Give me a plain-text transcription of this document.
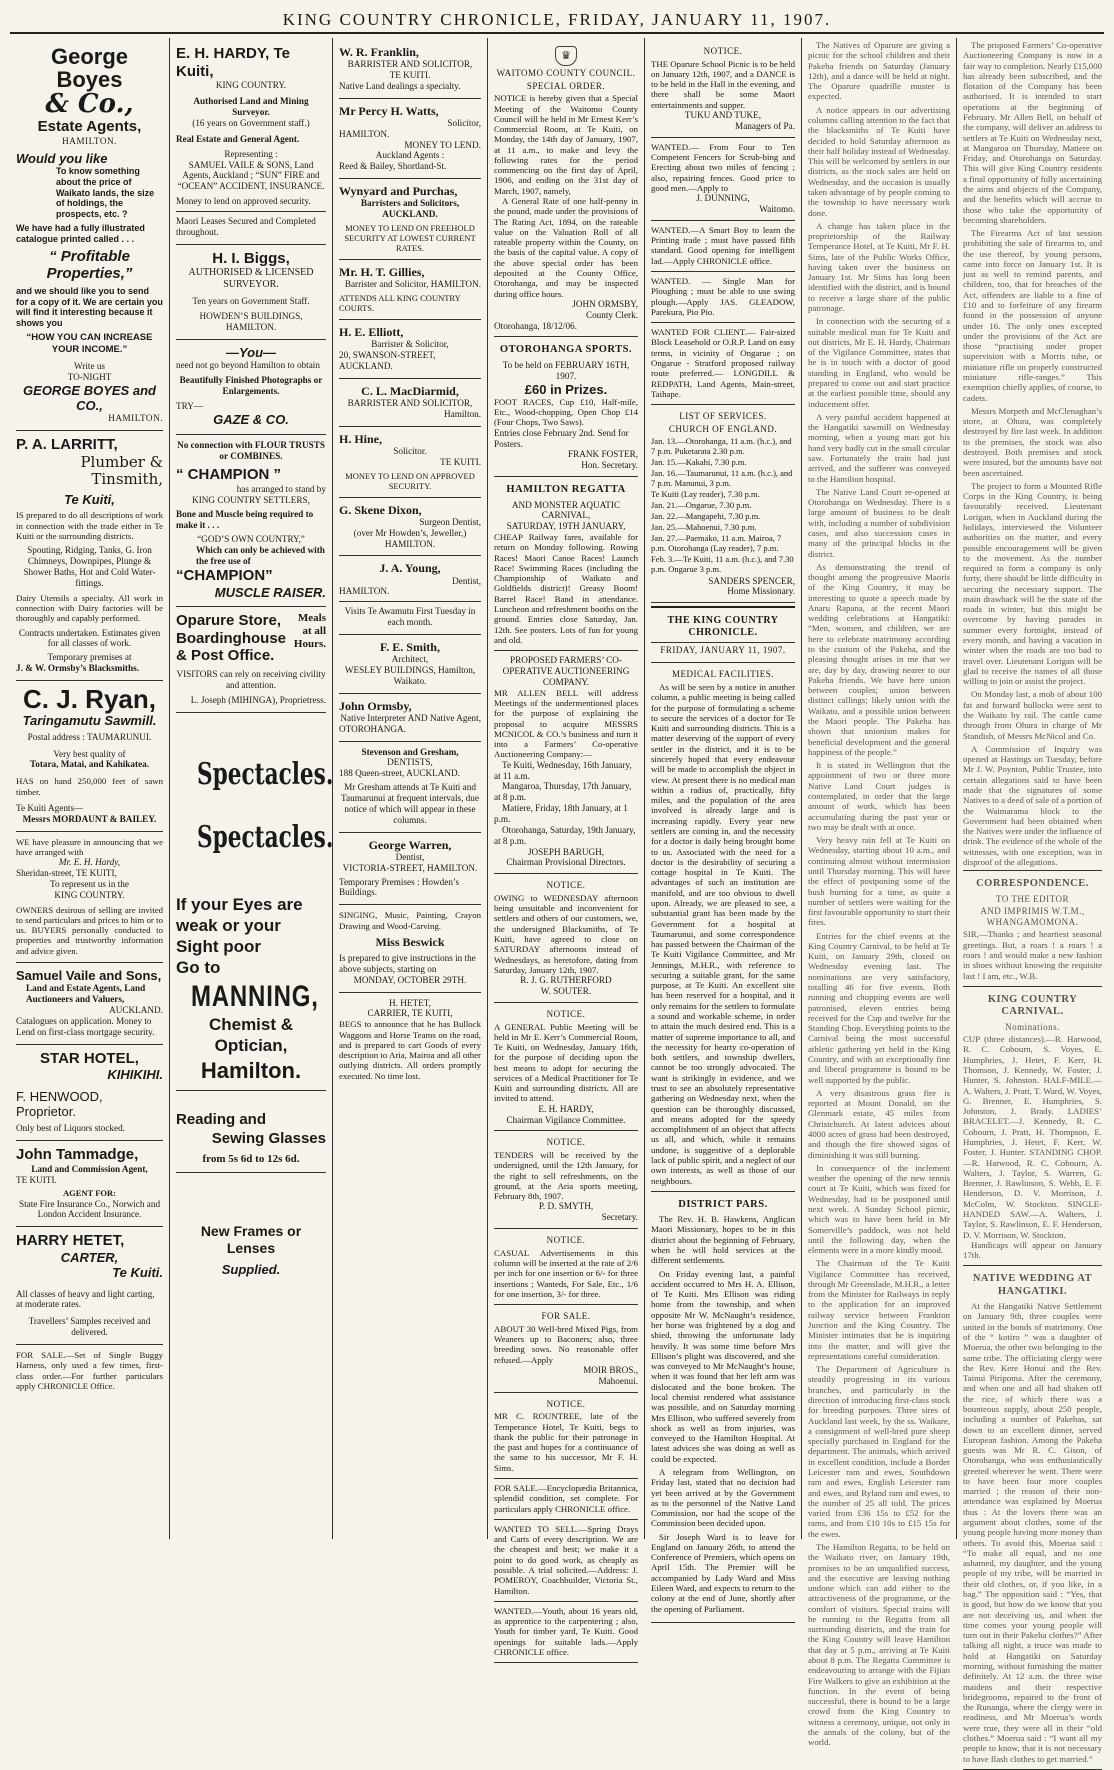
KING COUNTRY CHRONICLE, FRIDAY, JANUARY 11, 1907.
George Boyes
& Co.,
Estate Agents,
HAMILTON.
Would you like
To know something about the price of Waikato lands, the size of holdings, the prospects, etc. ?
We have had a fully illustrated catalogue printed called . . .
“ Profitable Properties,”
and we should like you to send for a copy of it. We are certain you will find it interesting because it shows you
“HOW YOU CAN INCREASE YOUR INCOME.”
Write us
TO-NIGHT
GEORGE BOYES and CO.,
HAMILTON.
P. A. LARRITT,
Plumber & Tinsmith,
Te Kuiti,
IS prepared to do all descriptions of work in connection with the trade either in Te Kuiti or the surrounding districts.
Spouting, Ridging, Tanks, G. Iron Chimneys, Downpipes, Plunge & Shower Baths, Hot and Cold Water-fittings.
Dairy Utensils a specialty. All work in connection with Dairy factories will be thoroughly and capably performed.
Contracts undertaken. Estimates given for all classes of work.
Temporary premises at
J. & W. Ormsby’s Blacksmiths.
C. J. Ryan,
Taringamutu Sawmill.
Postal address : TAUMARUNUI.
Very best quality of
Totara, Matai, and Kahikatea.
HAS on hand 250,000 feet of sawn timber.
Te Kuiti Agents—
Messrs MORDAUNT & BAILEY.
WE have pleasure in announcing that we have arranged with
Mr. E. H. Hardy,
Sheridan-street, TE KUITI,
To represent us in the
KING COUNTRY.
OWNERS desirous of selling are invited to send particulars and prices to him or to us. BUYERS personally conducted to properties and trustworthy information and advice given.
Samuel Vaile and Sons,
Land and Estate Agents, Land Auctioneers and Valuers,
AUCKLAND.
Catalogues on application. Money to Lend on first-class mortgage security.
STAR HOTEL,
KIHIKIHI.
F. HENWOOD, Proprietor.
Only best of Liquors stocked.
John Tammadge,
Land and Commission Agent,
TE KUITI.
AGENT FOR:
State Fire Insurance Co., Norwich and London Accident Insurance.
HARRY HETET,
CARTER,
Te Kuiti.
All classes of heavy and light carting, at moderate rates.
Travellers’ Samples received and delivered.
FOR SALE.—Set of Single Buggy Harness, only used a few times, first-class order.—For further particulars apply CHRONICLE Office.
E. H. HARDY, Te Kuiti,
KING COUNTRY.
Authorised Land and Mining Surveyor.
(16 years on Government staff.)
Real Estate and General Agent.
Representing :
SAMUEL VAILE & SONS, Land Agents, Auckland ; “SUN” FIRE and “OCEAN” ACCIDENT, INSURANCE.
Money to lend on approved security.
Maori Leases Secured and Completed throughout.
H. I. Biggs,
AUTHORISED & LICENSED SURVEYOR.
Ten years on Government Staff.
HOWDEN’S BUILDINGS, HAMILTON.
—You—
need not go beyond Hamilton to obtain
Beautifully Finished Photographs or Enlargements.
TRY—
GAZE & CO.
No connection with FLOUR TRUSTS or COMBINES.
“ CHAMPION ”
has arranged to stand by
KING COUNTRY SETTLERS,
Bone and Muscle being required to make it . . .
“GOD’S OWN COUNTRY,”
Which can only be achieved with the free use of
“CHAMPION”
MUSCLE RAISER.
Oparure Store, Boardinghouse & Post Office.
Meals at all Hours.
VISITORS can rely on receiving civility and attention.
L. Joseph (MIHINGA), Proprietress.
Spectacles.
Spectacles.
If your Eyes are weak or your Sight poor
Go to
MANNING,
Chemist & Optician,
Hamilton.
Reading and
Sewing Glasses
from 5s 6d to 12s 6d.
New Frames or Lenses
Supplied.
W. R. Franklin,
BARRISTER AND SOLICITOR,
TE KUITI.
Native Land dealings a specialty.
Mr Percy H. Watts,
Solicitor,
HAMILTON.
MONEY TO LEND.
Auckland Agents :
Reed & Bailey, Shortland-St.
Wynyard and Purchas,
Barristers and Solicitors, AUCKLAND.
MONEY TO LEND ON FREEHOLD SECURITY AT LOWEST CURRENT RATES.
Mr. H. T. Gillies,
Barrister and Solicitor, HAMILTON.
ATTENDS ALL KING COUNTRY COURTS.
H. E. Elliott,
Barrister & Solicitor,
20, SWANSON-STREET, AUCKLAND.
C. L. MacDiarmid,
BARRISTER AND SOLICITOR,
Hamilton.
H. Hine,
Solicitor.
TE KUITI.
MONEY TO LEND ON APPROVED SECURITY.
G. Skene Dixon,
Surgeon Dentist,
(over Mr Howden’s, Jeweller,)
HAMILTON.
J. A. Young,
Dentist,
HAMILTON.
Visits Te Awamutu First Tuesday in each month.
F. E. Smith,
Architect,
WESLEY BUILDINGS, Hamilton, Waikato.
John Ormsby,
Native Interpreter AND Native Agent,
OTOROHANGA.
Stevenson and Gresham,
DENTISTS,
188 Queen-street, AUCKLAND.
Mr Gresham attends at Te Kuiti and Taumarunui at frequent intervals, due notice of which will appear in these columns.
George Warren,
Dentist,
VICTORIA-STREET, HAMILTON.
Temporary Premises : Howden’s Buildings.
SINGING, Music, Painting, Crayon Drawing and Wood-Carving.
Miss Beswick
Is prepared to give instructions in the above subjects, starting on
MONDAY, OCTOBER 29TH.
H. HETET,
CARRIER, TE KUITI,
BEGS to announce that he has Bullock Waggons and Horse Teams on the road, and is prepared to cart Goods of every description to Aria, Mairoa and all other outlying districts. All orders promptly executed. No time lost.
♛
WAITOMO COUNTY COUNCIL.
SPECIAL ORDER.
NOTICE is hereby given that a Special Meeting of the Waitomo County Council will be held in Mr Ernest Kerr’s Commercial Room, at Te Kuiti, on Monday, the 14th day of January, 1907, at 11 a.m., to make and levy the following rates for the period commencing on the first day of April, 1906, and ending on the 31st day of March, 1907, namely,
A General Rate of one half-penny in the pound, made under the provisions of The Rating Act, 1894, on the rateable value on the Valuation Roll of all rateable property within the County, on the basis of the capital value. A copy of the above special order has been deposited at the County Office, Otorohanga, and may be inspected during office hours.
JOHN ORMSBY,
County Clerk.
Otorohanga, 18/12/06.
OTOROHANGA SPORTS.
To be held on FEBRUARY 16TH, 1907.
£60 in Prizes.
FOOT RACES, Cup £10, Half-mile, Etc., Wood-chopping, Open Chop £14 (Four Chops, Two Saws).
Entries close February 2nd. Send for Posters.
FRANK FOSTER,
Hon. Secretary.
HAMILTON REGATTA
AND MONSTER AQUATIC CARNIVAL,
SATURDAY, 19TH JANUARY,
CHEAP Railway fares, available for return on Monday following. Rowing Races! Maori Canoe Races! Launch Race! Swimming Races (including the Championship of Waikato and Goldfields district)! Greasy Boom! Barrel Race! Band in attendance. Luncheon and refreshment booths on the ground. Entries close Saturday, Jan. 12th. See posters. Lots of fun for young and old.
PROPOSED FARMERS’ CO-OPERATIVE AUCTIONEERING COMPANY.
MR ALLEN BELL will address Meetings of the undermentioned places for the purpose of explaining the proposal to acquire MESSRS MCNICOL & CO.’s business and turn it into a Farmers’ Co-operative Auctioneering Company:—
Te Kuiti, Wednesday, 16th January, at 11 a.m.
Mangaroa, Thursday, 17th January, at 8 p.m.
Matiere, Friday, 18th January, at 1 p.m.
Otorohanga, Saturday, 19th January, at 8 p.m.
JOSEPH BARUGH,
Chairman Provisional Directors.
NOTICE.
OWING to WEDNESDAY afternoon being unsuitable and inconvenient for settlers and others of our customers, we, the undersigned Blacksmiths, of Te Kuiti, have agreed to close on SATURDAY afternoons instead of Wednesdays, as heretofore, dating from Saturday, January 12th, 1907.
R. J. G. RUTHERFORD
W. SOUTER.
NOTICE.
A GENERAL Public Meeting will be held in Mr E. Kerr’s Commercial Room, Te Kuiti, on Wednesday, January 16th, for the purpose of deciding upon the best means to adopt for securing the services of a Medical Practitioner for Te Kuiti and surrounding districts. All are invited to attend.
E. H. HARDY,
Chairman Vigilance Committee.
NOTICE.
TENDERS will be received by the undersigned, until the 12th January, for the right to sell refreshments, on the ground, at the Aria sports meeting, February 8th, 1907.
P. D. SMYTH,
Secretary.
NOTICE.
CASUAL Advertisements in this column will be inserted at the rate of 2/6 per inch for one insertion or 6/- for three insertions ; Wanteds, For Sale, Etc., 1/6 for one insertion, 3/- for three.
FOR SALE.
ABOUT 30 Well-bred Mixed Pigs, from Weaners up to Baconers; also, three breeding sows. No reasonable offer refused.—Apply
MOIR BROS.,
Mahoenui.
NOTICE.
MR C. ROUNTREE, late of the Temperance Hotel, Te Kuiti, begs to thank the public for their patronage in the past and hopes for a continuance of the same to his successor, Mr F. H. Sims.
FOR SALE.—Encyclopædia Britannica, splendid condition, set complete. For particulars apply CHRONICLE office.
WANTED TO SELL.—Spring Drays and Carts of every description. We are the cheapest and best; we make it a point to do good work, as cheaply as possible. A trial solicited.—Address: J. POMEROY, Coachbuilder, Victoria St., Hamilton.
WANTED.—Youth, about 16 years old, as apprentice to the carpentering ; also, Youth for timber yard, Te Kuiti. Good openings for suitable lads.—Apply CHRONICLE office.
NOTICE.
THE Oparure School Picnic is to be held on January 12th, 1907, and a DANCE is to be held in the Hall in the evening, and there shall be some Maori entertainments and supper.
TUKU AND TUKE,
Managers of Pa.
WANTED.— From Four to Ten Competent Fencers for Scrub-bing and Erecting about two miles of fencing ; also, repairing fences. Good price to good men.—Apply to
J. DUNNING,
Waitomo.
WANTED.—A Smart Boy to learn the Printing trade ; must have passed fifth standard. Good opening for intelligent lad.—Apply CHRONICLE office.
WANTED. — Single Man for Ploughing ; must be able to use swing plough.—Apply JAS. GLEADOW, Parekura, Pio Pio.
WANTED FOR CLIENT.— Fair-sized Block Leasehold or O.R.P. Land on easy terms, in vicinity of Ongarue ; on Ongarue - Stratford proposed railway route preferred.— LONGDILL & REDPATH, Land Agents, Main-street, Taihape.
LIST OF SERVICES.
CHURCH OF ENGLAND.
Jan. 13.—Otorohanga, 11 a.m. (h.c.), and 7 p.m. Puketarata 2.30 p.m.
Jan. 15.—Kakahi, 7.30 p.m.
Jan. 16.—Taumarunui, 11 a.m. (h.c.), and 7 p.m. Manunui, 3 p.m.
Te Kuiti (Lay reader), 7.30 p.m.
Jan. 21.—Ongarue, 7.30 p.m.
Jan. 22.—Mangapehi, 7.30 p.m.
Jan. 25.—Mahoenui, 7.30 p.m.
Jan. 27.—Paemako, 11 a.m. Mairoa, 7 p.m. Otorohanga (Lay reader), 7 p.m.
Feb. 3.—Te Kuiti, 11 a.m. (h.c.), and 7.30 p.m. Ongarue 3 p.m.
SANDERS SPENCER,
Home Missionary.
THE KING COUNTRY CHRONICLE.
FRIDAY, JANUARY 11, 1907.
MEDICAL FACILITIES.
As will be seen by a notice in another column, a public meeting is being called for the purpose of formulating a scheme to secure the services of a doctor for Te Kuiti and surrounding districts. This is a matter deserving of the support of every settler in the district, and it is to be sincerely hoped that every endeavour will be made to accomplish the object in view. At present there is no medical man within a radius of, practically, fifty miles, and the population of the area involved is already large and is increasing rapidly. Every year new settlers are coming in, and the necessity for a doctor is daily being brought home to us. Associated with the need for a doctor is the desirability of securing a cottage hospital in Te Kuiti. The advantages of such an institution are manifold, and are too obvious to dwell upon. Already, we are pleased to see, a substantial grant has been made by the Government for a hospital at Taumarunui, and some correspondence has passed between the Chairman of the Te Kuiti Vigilance Committee, and Mr Jennings, M.H.R., with reference to securing a suitable grant, for the same purpose, at Te Kuiti. An excellent site has been reserved for a hospital, and it only remains for the settlers to formulate a sound and workable scheme, in order to attain the much desired end. This is a matter of supreme importance to all, and the necessity for hearty co-operation of both settlers, and township dwellers, cannot be too strongly advocated. The want is strikingly in evidence, and we trust to see an absolutely representative gathering on Wednesday next, when the question can be thoroughly discussed, and means adopted for the speedy accomplishment of an object that affects us all, and which, while it remains undone, is suggestive of a deplorable lack of public spirit, and a neglect of our own interests, as well as those of our neighbours.
DISTRICT PARS.

The Rev. H. B. Hawkens, Anglican Maori Missionary, hopes to be in this district about the beginning of February, when he will hold services at the different settlements.

On Friday evening last, a painful accident occurred to Mrs H. A. Ellison, of Te Kuiti. Mrs Ellison was riding home from the township, and when opposite Mr W. McNaught’s residence, her horse was frightened by a dog and shied, throwing the unfortunate lady heavily. It was some time before Mrs Ellison’s plight was discovered, and she was conveyed to Mr McNaught’s house, when it was found that her left arm was dislocated and the bone broken. The local chemist rendered what assistance was possible, and on Saturday morning Mrs Ellison, who suffered severely from shock as well as from injuries, was conveyed to the Hamilton Hospital. At latest advices she was doing as well as could be expected.

A telegram from Wellington, on Friday last, stated that no decision had yet been arrived at by the Government as to the personnel of the Native Land Commission, nor had the scope of the Commission been decided upon.

Sir Joseph Ward is to leave for England on January 26th, to attend the Conference of Premiers, which opens on April 15th. The Premier will be accompanied by Lady Ward and Miss Eileen Ward, and expects to return to the colony at the end of June, shortly after the opening of Parliament.

The Natives of Oparure are giving a picnic for the school children and their Pakeha friends on Saturday (January 12th), and a dance will be held at night. The Oparure quadrille muster is expected.

A notice appears in our advertising columns calling attention to the fact that the blacksmiths of Te Kuiti have decided to hold Saturday afternoon as their half holiday instead of Wednesday. This will be welcomed by settlers in our districts, as the stock sales are held on Wednesday, and the occasion is usually taken advantage of by people coming to the township to have necessary work done.

A change has taken place in the proprietorship of the Railway Temperance Hotel, at Te Kuiti, Mr F. H. Sims, late of the Public Works Office, having taken over the business on January 1st. Mr Sims has long been identified with the district, and is bound to receive a large share of the public patronage.

In connection with the securing of a suitable medical man for Te Kuiti and out districts, Mr E. H. Hardy, Chairman of the Vigilance Committee, states that he is in touch with a doctor of good standing in England, who would be prepared to come out and start practice at the earliest possible time, should any inducement offer.

A very painful accident happened at the Hangatiki sawmill on Wednesday morning, when a young man got his hand very badly cut in the small circular saw. Fortunately the train had just arrived, and the sufferer was conveyed to the Hamilton hospital.

The Native Land Court re-opened at Otorohanga on Wednesday. There is a large amount of business to be dealt with, including a number of subdivision cases, and also succession cases in many of the principal blocks in the district.

As demonstrating the trend of thought among the progressive Maoris of the King Country, it may be interesting to quote a speech made by Anaru Rapana, at the recent Maori wedding celebrations at Hangatiki: “Men, women, and children, we are here to celebrate matrimony according to the custom of the Pakeha, and the pleasing thought arises in me that we are, day by day, drawing nearer to our Pakeha friends. We have here union between couples; union between distinct callings; likely union with the Waikato, and a possible union between the Maori people. The Pakeha has shown that unionism makes for beneficial development and the general happiness of the people.”

It is stated in Wellington that the appointment of two or three more Native Land Court judges is contemplated, in order that the large amount of work, which has been accumulating during the past year or two may be dealt with at once.

Very heavy rain fell at Te Kuiti on Wednesday, starting about 10 a.m., and continuing almost without intermission until Thursday morning. This will have the effect of postponing some of the bush burning for a time, as quite a number of settlers were waiting for the first favourable opportunity to start their fires.

Entries for the chief events at the King Country Carnival, to be held at Te Kuiti, on January 29th, closed on Wednesday evening last. The nominations are very satisfactory, totalling 46 for five events. Both running and chopping events are well patronised, eleven entries being received for the Cup and twelve for the Standing Chop. Everything points to the Carnival being the most successful athletic gathering yet held in the King Country, and with an exceptionally fine and liberal programme is bound to be well supported by the public.

A very disastrous grass fire is reported at Mount Donald, on the Glenmark estate, 45 miles from Christchurch. At latest advices about 4000 acres of grass had been destroyed, and though the fire showed signs of diminishing it was still burning.

In consequence of the inclement weather the opening of the new tennis court at Te Kuiti, which was fixed for Wednesday, had to be postponed until next week. A Sunday School picnic, which was to have been held in Mr Somerville’s paddock, was not held until the following day, when the elements were in a more kindly mood.

The Chairman of the Te Kuiti Vigilance Committee has received, through Mr Greenslade, M.H.R., a letter from the Minister for Railways in reply to the application for an improved railway service between Frankton Junction and the King Country. The Minister intimates that he is inquiring into the matter, and will give the representations careful consideration.

The Department of Agriculture is steadily progressing in its various branches, and particularly in the direction of introducing first-class stock for breeding purposes. Three sires of Auckland last week, by the ss. Waikare, a consignment of well-bred pure sheep specially purchased in England for the department. The animals, which arrived in excellent condition, include a Border Leicester ram and ewes, Southdown ram and ewes, English Leicester ram and ewes, and Ryland ram and ewes, to the number of 25 all told. The prices varied from £36 15s to £52 for the rams, and from £10 10s to £15 15s for the ewes.

The Hamilton Regatta, to be held on the Waikato river, on January 19th, promises to be an unqualified success, and the executive are leaving nothing undone which can add either to the attractiveness of the programme, or the comfort of visitors. Special trains will be running to the Regatta from all surrounding districts, and the train for the King Country will leave Hamilton that day at 5 p.m., arriving at Te Kuiti about 8 p.m. The Regatta Committee is endeavouring to arrange with the Fijian Fire Walkers to give an exhibition at the function. In the event of being successful, there is bound to be a large crowd from the King Country to witness a ceremony, unique, not only in the annals of the colony, but of the world.

The proposed Farmers’ Co-operative Auctioneering Company is now in a fair way to completion. Nearly £15,000 has already been subscribed, and the flotation of the Company has been authorised. It is intended to start operations at the beginning of February. Mr Allen Bell, on behalf of the company, will deliver an address to settlers at Te Kuiti on Wednesday next, at Mangaroa on Thursday, Matiere on Friday, and Otorohanga on Saturday. This will give King Country residents a final opportunity of fully ascertaining the aims and objects of the Company, and the benefits which will accrue to those who take the opportunity of becoming shareholders.

The Firearms Act of last session prohibiting the sale of firearms to, and the use thereof, by young persons, came into force on January 1st. It is just as well to remind parents, and children, too, that for breaches of the Act, offenders are liable to a fine of £10 and to forfeiture of any firearm found in the possession of anyone under 16. The only ones excepted under the provisions of the Act are those “practising under proper supervision with a Morris tube, or miniature rifle on properly constructed miniature rifle-ranges.” This exemption chiefly applies, of course, to cadets.

Messrs Morpeth and McClenaghan’s store, at Ohura, was completely destroyed by fire last week. In addition to the premises, the stock was also destroyed. Both premises and stock were insured, but the amounts have not been ascertained.

The project to form a Mounted Rifle Corps in the King Country, is being favourably received. Lieutenant Lorigan, when in Auckland during the holidays, interviewed the Volunteer authorities on the matter, and every possible encouragement will be given to the movement. As the number required to form a company is only forty, there should be little difficulty in securing the necessary support. The main drawback will be the state of the roads in winter, but this might be overcome by having parades in summer every fortnight, instead of every month, and having a vacation in winter when the roads are too bad to travel over. Lieutenant Lorigan will be glad to receive the names of all those willing to join or assist the project.

On Monday last, a mob of about 100 fat and forward bullocks were sent to the Waikato by rail. The cattle came through from Ohura in charge of Mr Standish, of Messrs McNicol and Co.

A Commission of Inquiry was opened at Hastings on Tuesday, before Mr J. W. Poynton, Public Trustee, into certain allegations said to have been made that the signatures of some Natives to a deed of sale of a portion of the Waimarama block to the Government had been obtained when the Natives were under the influence of drink. The evidence of the whole of the witnesses, with one exception, was in disproof of the allegations.

CORRESPONDENCE.
TO THE EDITOR
AND IMPRIMIS W.T.M., WHANGAMOMONA.
SIR,—Thanks ; and heartiest seasonal greetings. But, a roars ! a roars ! a roars ! and would make a new fashion in shoes without knowing the requisite last ! I am, etc., W.B.
KING COUNTRY CARNIVAL.
Nominations.
CUP (three distances).—R. Harwood, R. C. Cobourn, S. Voyes, E. Humphries, J. Hetet, F. Kerr, H. Thomson, J. Kennedy, W. Foster, J. Hunter, S. Johnston. HALF-MILE.—A. Walters, J. Pratt, T. Ward, W. Voyes, G. Brenner, E. Humphries, S. Johnston, J. Brady. LADIES’ BRACELET.—J. Kennedy, R. C. Cobourn, J. Pratt, H. Thompson, E. Humphries, J. Hetet, F. Kerr, W. Foster, J. Hunter. STANDING CHOP.—R. Harwood, R. C. Cobourn, A. Walters, J. Taylor, S. Warren, G. Brenner, J. Rawlinson, S. Webb, E. F. Henderson, D. V. Morrison, J. McColm, W. Stockton. SINGLE-HANDED SAW.—A. Walters, J. Taylor, S. Rawlinson, E. F. Henderson, D. V. Morrison, W. Stockton.
Handicaps will appear on January 17th.
NATIVE WEDDING AT HANGATIKI.
At the Hangatiki Native Settlement on January 9th, three couples were united in the bonds of matrimony. One of the “ kotiro ” was a daughter of Moerua, the other two belonging to the same tribe. The officiating clergy were the Rev. Kere Honui and the Rev. Tainui Piripoma. After the ceremony, and when one and all had shaken off the rice, of which there was a bounteous supply, about 250 people, including a number of Pakehas, sat down to an excellent dinner, served European fashion. Among the Pakeha guests was Mr R. C. Gison, of Otorohanga, who was enthusiastically greeted wherever he went. There were to have been four more couples married ; the reason of their non-attendance was explained by Moerua thus : At the lovers there was an argument about clothes, some of the young people having more money than others. To avoid this, Moerua said : “To make all equal, and no one ashamed, my daughter, and the young people of my tribe, will be married in their old clothes, or, if you like, in a bag.” The opposition said : “Yes, that is good, but how do we know that you are not deceiving us, and when the time comes your young people will turn out in their Pakeha clothes?” After talking all night, a truce was made to hold at Hangatiki on Saturday morning, without furnishing the matter definitely. At 12 a.m. the three wise maidens and their respective bridegrooms, repaired to the front of the Runanga, where the clergy were in readiness, and Mr Moerua’s words were true, they were all in their “old clothes.” Moerua said : “I want all my people to know, that it is not necessary to have flash clothes to get married.”
